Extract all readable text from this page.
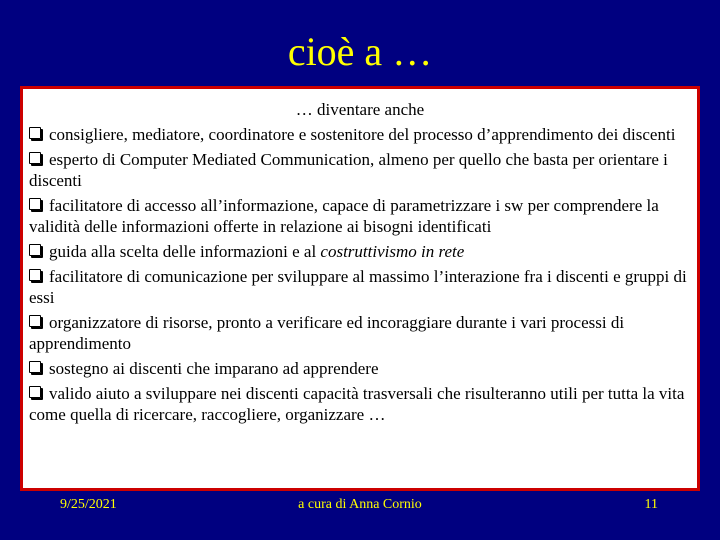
cioè a …
… diventare anche
consigliere, mediatore, coordinatore e sostenitore del processo d’apprendimento dei discenti
esperto di Computer Mediated Communication, almeno per quello che basta per orientare i discenti
facilitatore di accesso all’informazione, capace di parametrizzare i sw per comprendere la validità delle informazioni offerte in relazione ai bisogni identificati
guida alla scelta delle informazioni e al costruttivismo in rete
facilitatore di comunicazione per sviluppare al massimo l’interazione fra i discenti e gruppi di essi
organizzatore di risorse, pronto a verificare ed incoraggiare durante i vari processi di apprendimento
sostegno ai discenti che imparano ad apprendere
valido aiuto a sviluppare nei discenti capacità trasversali che risulteranno utili per tutta la vita come quella di ricercare, raccogliere, organizzare …
9/25/2021	a cura di Anna Cornio	11
